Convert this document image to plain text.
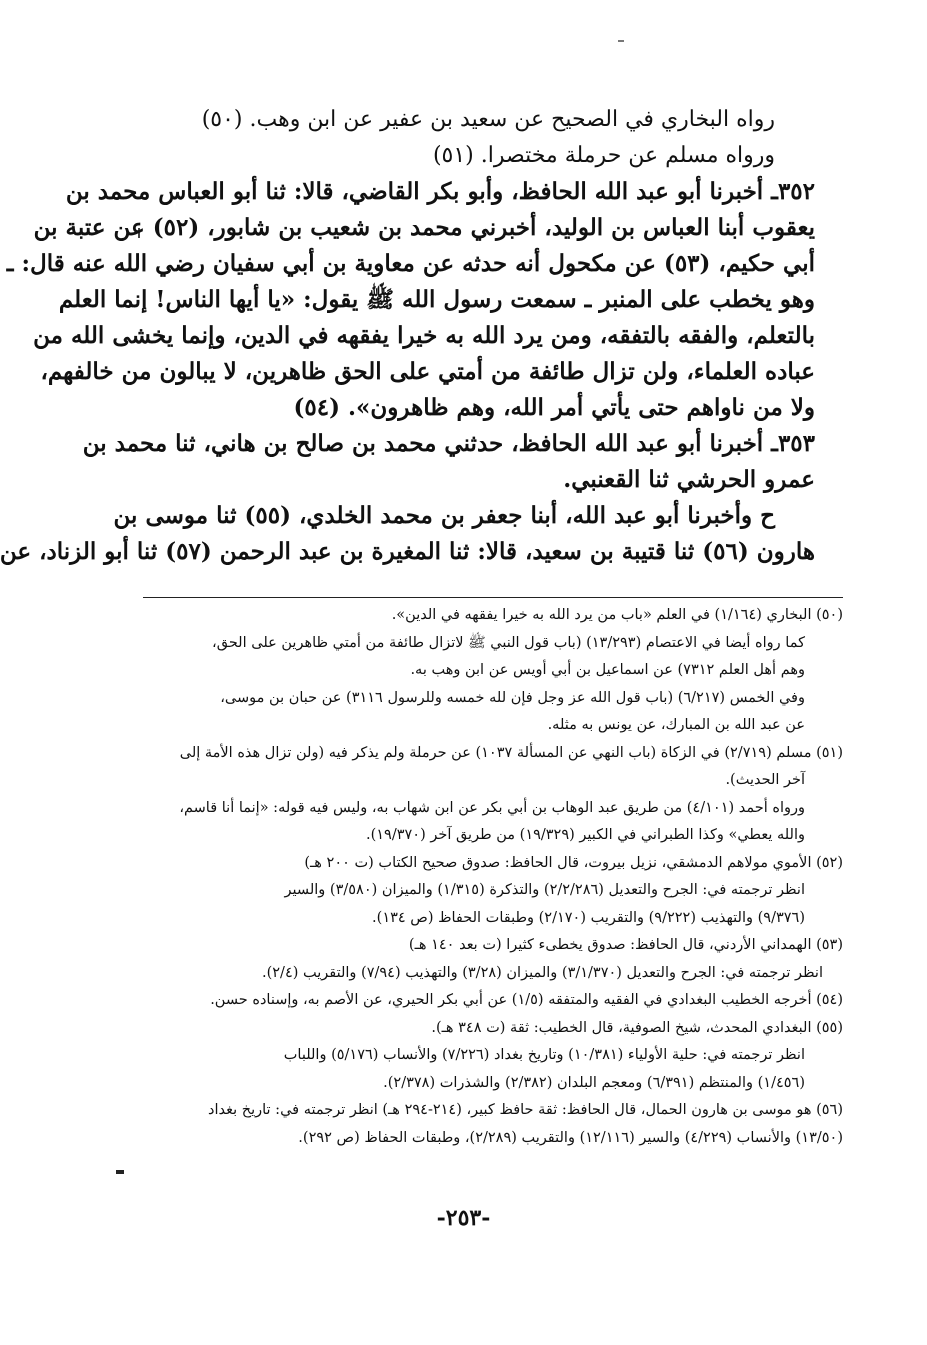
رواه البخاري في الصحيح عن سعيد بن عفير عن ابن وهب. (٥٠)
ورواه مسلم عن حرملة مختصرا. (٥١)
٣٥٢ـ أخبرنا أبو عبد الله الحافظ، وأبو بكر القاضي، قالا: ثنا أبو العباس محمد بن
يعقوب أبنا العباس بن الوليد، أخبرني محمد بن شعيب بن شابور، (٥٢) عن عتبة بن
أبي حكيم، (٥٣) عن مكحول أنه حدثه عن معاوية بن أبي سفيان رضي الله عنه قال: ـ
وهو يخطب على المنبر ـ سمعت رسول الله ﷺ يقول: «يا أيها الناس! إنما العلم
بالتعلم، والفقه بالتفقه، ومن يرد الله به خيرا يفقهه في الدين، وإنما يخشى الله من
عباده العلماء، ولن تزال طائفة من أمتي على الحق ظاهرين، لا يبالون من خالفهم،
ولا من ناواهم حتى يأتي أمر الله، وهم ظاهرون». (٥٤)
٣٥٣ـ أخبرنا أبو عبد الله الحافظ، حدثني محمد بن صالح بن هاني، ثنا محمد بن
عمرو الحرشي ثنا القعنبي.
ح وأخبرنا أبو عبد الله، أبنا جعفر بن محمد الخلدي، (٥٥) ثنا موسى بن
هارون (٥٦) ثنا قتيبة بن سعيد، قالا: ثنا المغيرة بن عبد الرحمن (٥٧) ثنا أبو الزناد، عن
(٥٠) البخاري (١/١٦٤) في العلم «باب من يرد الله به خيرا يفقهه في الدين».
كما رواه أيضا في الاعتصام (١٣/٢٩٣) (باب قول النبي ﷺ لاتزال طائفة من أمتي ظاهرين على الحق،
وهم أهل العلم ٧٣١٢) عن اسماعيل بن أبي أويس عن ابن وهب به.
وفي الخمس (٦/٢١٧) (باب قول الله عز وجل فإن لله خمسه وللرسول ٣١١٦) عن حبان بن موسى،
عن عبد الله بن المبارك، عن يونس به مثله.
(٥١) مسلم (٢/٧١٩) في الزكاة (باب النهي عن المسألة ١٠٣٧) عن حرملة ولم يذكر فيه (ولن تزال هذه الأمة إلى
آخر الحديث).
ورواه أحمد (٤/١٠١) من طريق عبد الوهاب بن أبي بكر عن ابن شهاب به، وليس فيه قوله: «إنما أنا قاسم،
والله يعطي» وكذا الطبراني في الكبير (١٩/٣٢٩) من طريق آخر (١٩/٣٧٠).
(٥٢) الأموي مولاهم الدمشقي، نزيل بيروت، قال الحافظ: صدوق صحيح الكتاب (ت ٢٠٠ هـ)
انظر ترجمته في: الجرح والتعديل (٢/٢/٢٨٦) والتذكرة (١/٣١٥) والميزان (٣/٥٨٠) والسير
(٩/٣٧٦) والتهذيب (٩/٢٢٢) والتقريب (٢/١٧٠) وطبقات الحفاظ (ص ١٣٤).
(٥٣) الهمداني الأردني، قال الحافظ: صدوق يخطىء كثيرا (ت بعد ١٤٠ هـ)
انظر ترجمته في: الجرح والتعديل (٣/١/٣٧٠) والميزان (٣/٢٨) والتهذيب (٧/٩٤) والتقريب (٢/٤).
(٥٤) أخرجه الخطيب البغدادي في الفقيه والمتفقه (١/٥) عن أبي بكر الحيري، عن الأصم به، وإسناده حسن.
(٥٥) البغدادي المحدث، شيخ الصوفية، قال الخطيب: ثقة (ت ٣٤٨ هـ).
انظر ترجمته في: حلية الأولياء (١٠/٣٨١) وتاريخ بغداد (٧/٢٢٦) والأنساب (٥/١٧٦) واللباب
(١/٤٥٦) والمنتظم (٦/٣٩١) ومعجم البلدان (٢/٣٨٢) والشذرات (٢/٣٧٨).
(٥٦) هو موسى بن هارون الحمال، قال الحافظ: ثقة حافظ كبير، (٢١٤-٢٩٤ هـ) انظر ترجمته في: تاريخ بغداد
(١٣/٥٠) والأنساب (٤/٢٢٩) والسير (١٢/١١٦) والتقريب (٢/٢٨٩)، وطبقات الحفاظ (ص ٢٩٢).
-٢٥٣-
